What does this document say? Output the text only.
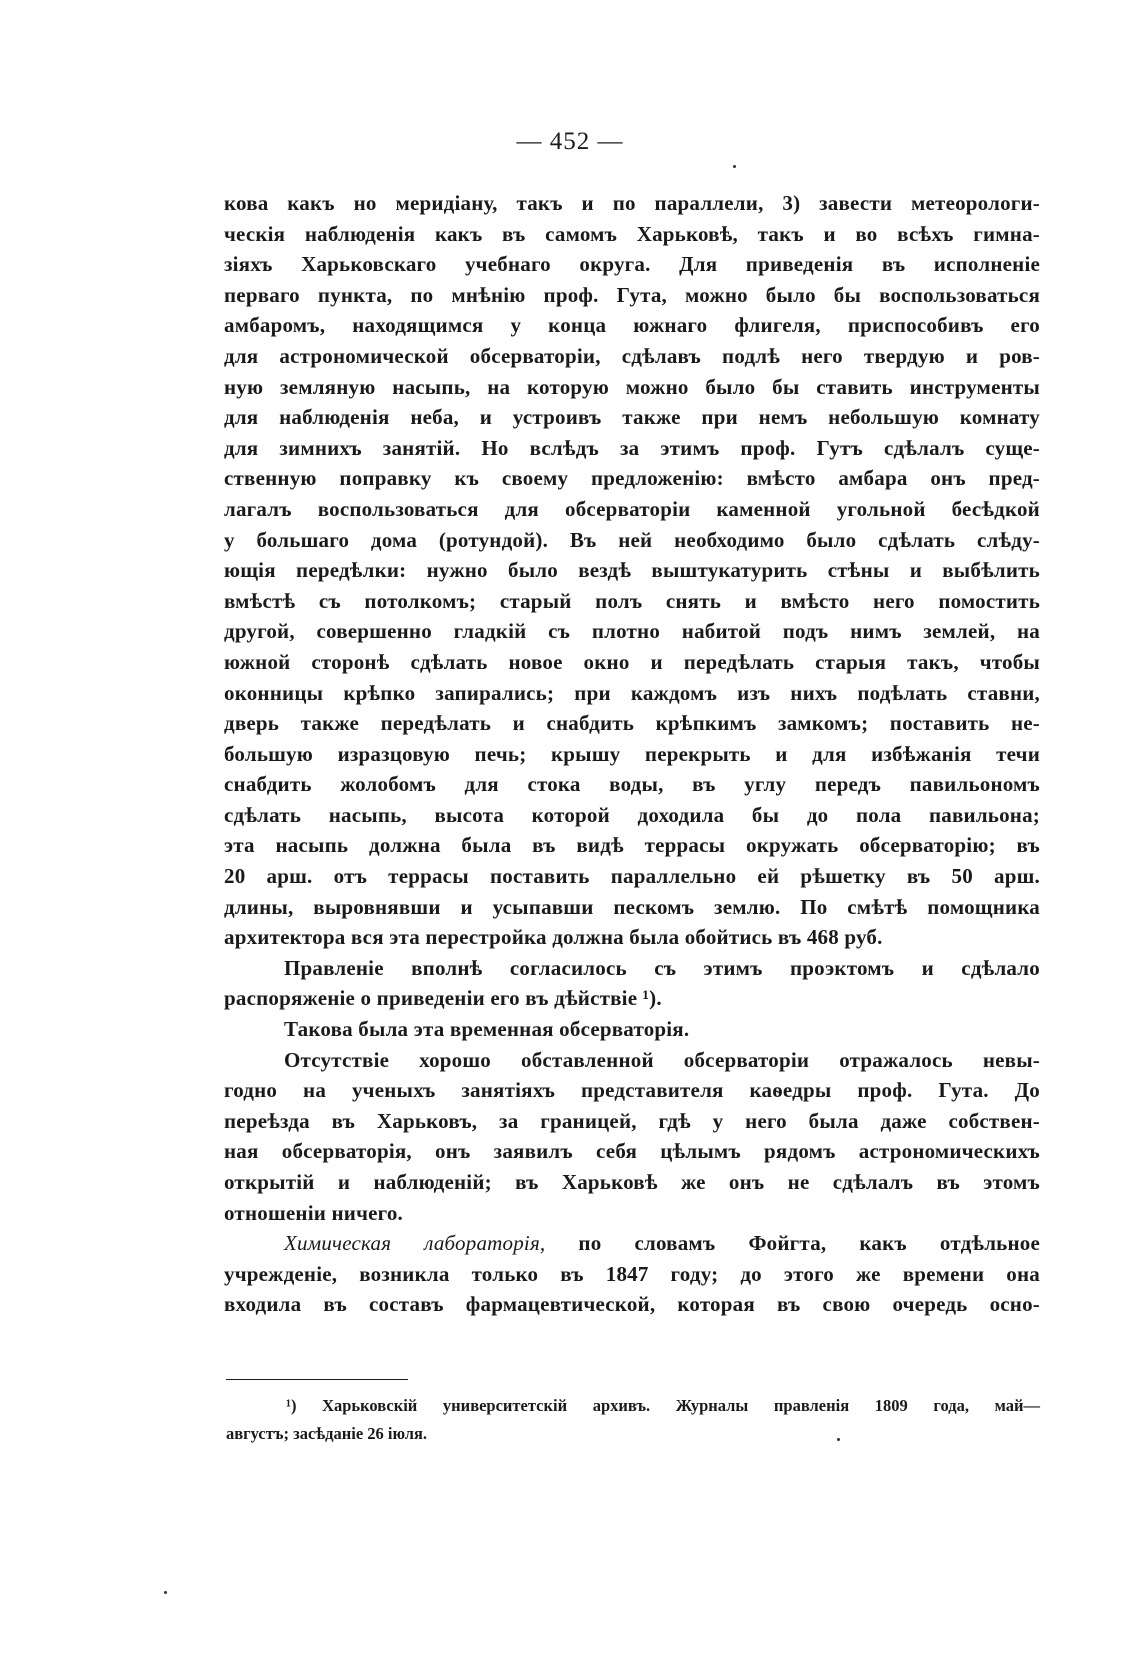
— 452 —
кова какъ но меридіану, такъ и по параллели, 3) завести метеорологи-
ческія наблюденія какъ въ самомъ Харьковѣ, такъ и во всѣхъ гимна-
зіяхъ Харьковскаго учебнаго округа. Для приведенія въ исполненіе
перваго пункта, по мнѣнію проф. Гута, можно было бы воспользоваться
амбаромъ, находящимся у конца южнаго флигеля, приспособивъ его
для астрономической обсерваторіи, сдѣлавъ подлѣ него твердую и ров-
ную земляную насыпь, на которую можно было бы ставить инструменты
для наблюденія неба, и устроивъ также при немъ небольшую комнату
для зимнихъ занятій. Но вслѣдъ за этимъ проф. Гутъ сдѣлалъ суще-
ственную поправку къ своему предложенію: вмѣсто амбара онъ пред-
лагалъ воспользоваться для обсерваторіи каменной угольной бесѣдкой
у большаго дома (ротундой). Въ ней необходимо было сдѣлать слѣду-
ющія передѣлки: нужно было вездѣ выштукатурить стѣны и выбѣлить
вмѣстѣ съ потолкомъ; старый полъ снять и вмѣсто него помостить
другой, совершенно гладкій съ плотно набитой подъ нимъ землей, на
южной сторонѣ сдѣлать новое окно и передѣлать старыя такъ, чтобы
оконницы крѣпко запирались; при каждомъ изъ нихъ подѣлать ставни,
дверь также передѣлать и снабдить крѣпкимъ замкомъ; поставить не-
большую изразцовую печь; крышу перекрыть и для избѣжанія течи
снабдить жолобомъ для стока воды, въ углу передъ павильономъ
сдѣлать насыпь, высота которой доходила бы до пола павильона;
эта насыпь должна была въ видѣ террасы окружать обсерваторію; въ
20 арш. отъ террасы поставить параллельно ей рѣшетку въ 50 арш.
длины, выровнявши и усыпавши пескомъ землю. По смѣтѣ помощника
архитектора вся эта перестройка должна была обойтись въ 468 руб.
Правленіе вполнѣ согласилось съ этимъ проэктомъ и сдѣлало
распоряженіе о приведеніи его въ дѣйствіе ¹).
Такова была эта временная обсерваторія.
Отсутствіе хорошо обставленной обсерваторіи отражалось невы-
годно на ученыхъ занятіяхъ представителя каѳедры проф. Гута. До
переѣзда въ Харьковъ, за границей, гдѣ у него была даже собствен-
ная обсерваторія, онъ заявилъ себя цѣлымъ рядомъ астрономическихъ
открытій и наблюденій; въ Харьковѣ же онъ не сдѣлалъ въ этомъ
отношеніи ничего.
Химическая лабораторія, по словамъ Фойгта, какъ отдѣльное
учрежденіе, возникла только въ 1847 году; до этого же времени она
входила въ составъ фармацевтической, которая въ свою очередь осно-
¹) Харьковскій университетскій архивъ. Журналы правленія 1809 года, май—
августъ; засѣданіе 26 іюля.
